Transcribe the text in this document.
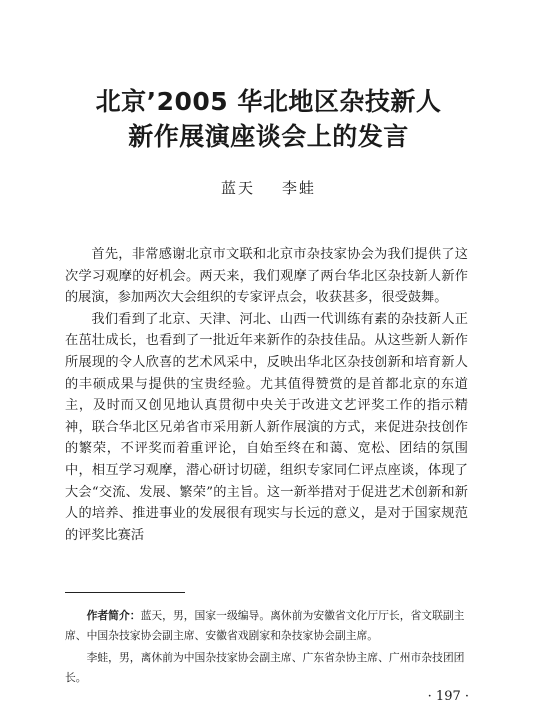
北京’2005 华北地区杂技新人
新作展演座谈会上的发言
蓝天    李蛙

首先，非常感谢北京市文联和北京市杂技家协会为我们提供了这次学习观摩的好机会。两天来，我们观摩了两台华北区杂技新人新作的展演，参加两次大会组织的专家评点会，收获甚多，很受鼓舞。

我们看到了北京、天津、河北、山西一代训练有素的杂技新人正在茁壮成长，也看到了一批近年来新作的杂技佳品。从这些新人新作所展现的令人欣喜的艺术风采中，反映出华北区杂技创新和培育新人的丰硕成果与提供的宝贵经验。尤其值得赞赏的是首都北京的东道主，及时而又创见地认真贯彻中央关于改进文艺评奖工作的指示精神，联合华北区兄弟省市采用新人新作展演的方式，来促进杂技创作的繁荣，不评奖而着重评论，自始至终在和蔼、宽松、团结的氛围中，相互学习观摩，潜心研讨切磋，组织专家同仁评点座谈，体现了大会“交流、发展、繁荣”的主旨。这一新举措对于促进艺术创新和新人的培养、推进事业的发展很有现实与长远的意义，是对于国家规范的评奖比赛活

作者简介：蓝天，男，国家一级编导。离休前为安徽省文化厅厅长，省文联副主席、中国杂技家协会副主席、安徽省戏剧家和杂技家协会副主席。

李蛙，男，离休前为中国杂技家协会副主席、广东省杂协主席、广州市杂技团团长。

· 197 ·
